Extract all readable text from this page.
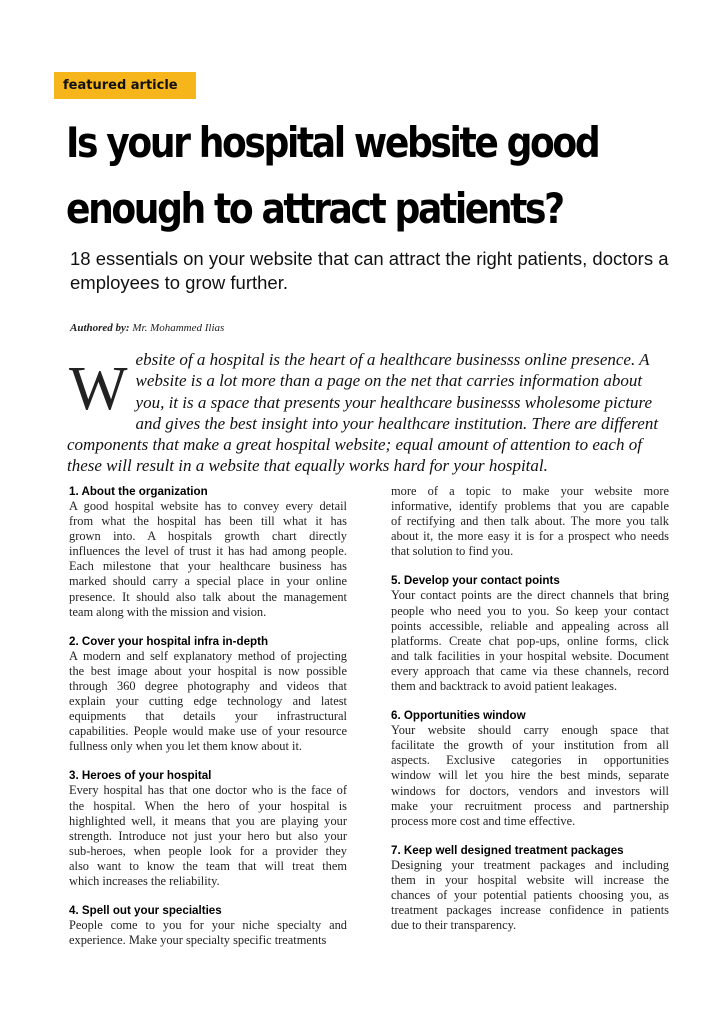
featured article
Is your hospital website good
enough to attract patients?
18 essentials on your website that can attract the right patients, doctors a
employees to grow further.
Authored by: Mr. Mohammed Ilias
W ebsite of a hospital is the heart of a healthcare businesss online presence. A
website is a lot more than a page on the net that carries information about
you, it is a space that presents your healthcare businesss wholesome picture
and gives the best insight into your healthcare institution. There are different
components that make a great hospital website; equal amount of attention to each of
these will result in a website that equally works hard for your hospital.
1. About the organization
A good hospital website has to convey every detail
from what the hospital has been till what it has
grown into. A hospitals growth chart directly
influences the level of trust it has had among people.
Each milestone that your healthcare business has
marked should carry a special place in your online
presence. It should also talk about the management
team along with the mission and vision.
2. Cover your hospital infra in-depth
A modern and self explanatory method of projecting
the best image about your hospital is now possible
through 360 degree photography and videos that
explain your cutting edge technology and latest
equipments that details your infrastructural
capabilities. People would make use of your resource
fullness only when you let them know about it.
3. Heroes of your hospital
Every hospital has that one doctor who is the face of
the hospital. When the hero of your hospital is
highlighted well, it means that you are playing your
strength. Introduce not just your hero but also your
sub-heroes, when people look for a provider they
also want to know the team that will treat them
which increases the reliability.
4. Spell out your specialties
People come to you for your niche specialty and
experience. Make your specialty specific treatments
more of a topic to make your website more
informative, identify problems that you are capable
of rectifying and then talk about. The more you talk
about it, the more easy it is for a prospect who needs
that solution to find you.
5. Develop your contact points
Your contact points are the direct channels that bring
people who need you to you. So keep your contact
points accessible, reliable and appealing across all
platforms. Create chat pop-ups, online forms, click
and talk facilities in your hospital website. Document
every approach that came via these channels, record
them and backtrack to avoid patient leakages.
6. Opportunities window
Your website should carry enough space that
facilitate the growth of your institution from all
aspects. Exclusive categories in opportunities
window will let you hire the best minds, separate
windows for doctors, vendors and investors will
make your recruitment process and partnership
process more cost and time effective.
7. Keep well designed treatment packages
Designing your treatment packages and including
them in your hospital website will increase the
chances of your potential patients choosing you, as
treatment packages increase confidence in patients
due to their transparency.
